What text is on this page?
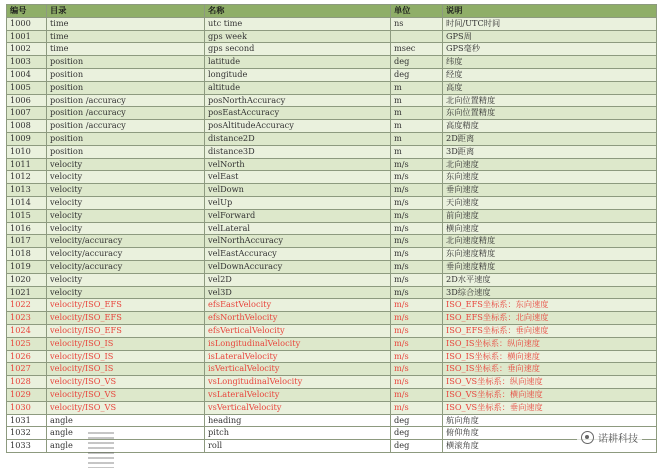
编号	目录	名称	单位	说明
1000	time	utc time	ns	时间/UTC时间
1001	time	gps week		GPS周
1002	time	gps second	msec	GPS毫秒
1003	position	latitude	deg	纬度
1004	position	longitude	deg	经度
1005	position	altitude	m	高度
1006	position /accuracy	posNorthAccuracy	m	北向位置精度
1007	position /accuracy	posEastAccuracy	m	东向位置精度
1008	position /accuracy	posAltitudeAccuracy	m	高度精度
1009	position	distance2D	m	2D距离
1010	position	distance3D	m	3D距离
1011	velocity	velNorth	m/s	北向速度
1012	velocity	velEast	m/s	东向速度
1013	velocity	velDown	m/s	垂向速度
1014	velocity	velUp	m/s	天向速度
1015	velocity	velForward	m/s	前向速度
1016	velocity	velLateral	m/s	横向速度
1017	velocity/accuracy	velNorthAccuracy	m/s	北向速度精度
1018	velocity/accuracy	velEastAccuracy	m/s	东向速度精度
1019	velocity/accuracy	velDownAccuracy	m/s	垂向速度精度
1020	velocity	vel2D	m/s	2D水平速度
1021	velocity	vel3D	m/s	3D综合速度
1022	velocity/ISO_EFS	efsEastVelocity	m/s	ISO_EFS坐标系：东向速度
1023	velocity/ISO_EFS	efsNorthVelocity	m/s	ISO_EFS坐标系：北向速度
1024	velocity/ISO_EFS	efsVerticalVelocity	m/s	ISO_EFS坐标系：垂向速度
1025	velocity/ISO_IS	isLongitudinalVelocity	m/s	ISO_IS坐标系：纵向速度
1026	velocity/ISO_IS	isLateralVelocity	m/s	ISO_IS坐标系：横向速度
1027	velocity/ISO_IS	isVerticalVelocity	m/s	ISO_IS坐标系：垂向速度
1028	velocity/ISO_VS	vsLongitudinalVelocity	m/s	ISO_VS坐标系：纵向速度
1029	velocity/ISO_VS	vsLateralVelocity	m/s	ISO_VS坐标系：横向速度
1030	velocity/ISO_VS	vsVerticalVelocity	m/s	ISO_VS坐标系：垂向速度
1031	angle	heading	deg	航向角度
1032	angle	pitch	deg	俯仰角度
1033	angle	roll	deg	横滚角度
诺耕科技
